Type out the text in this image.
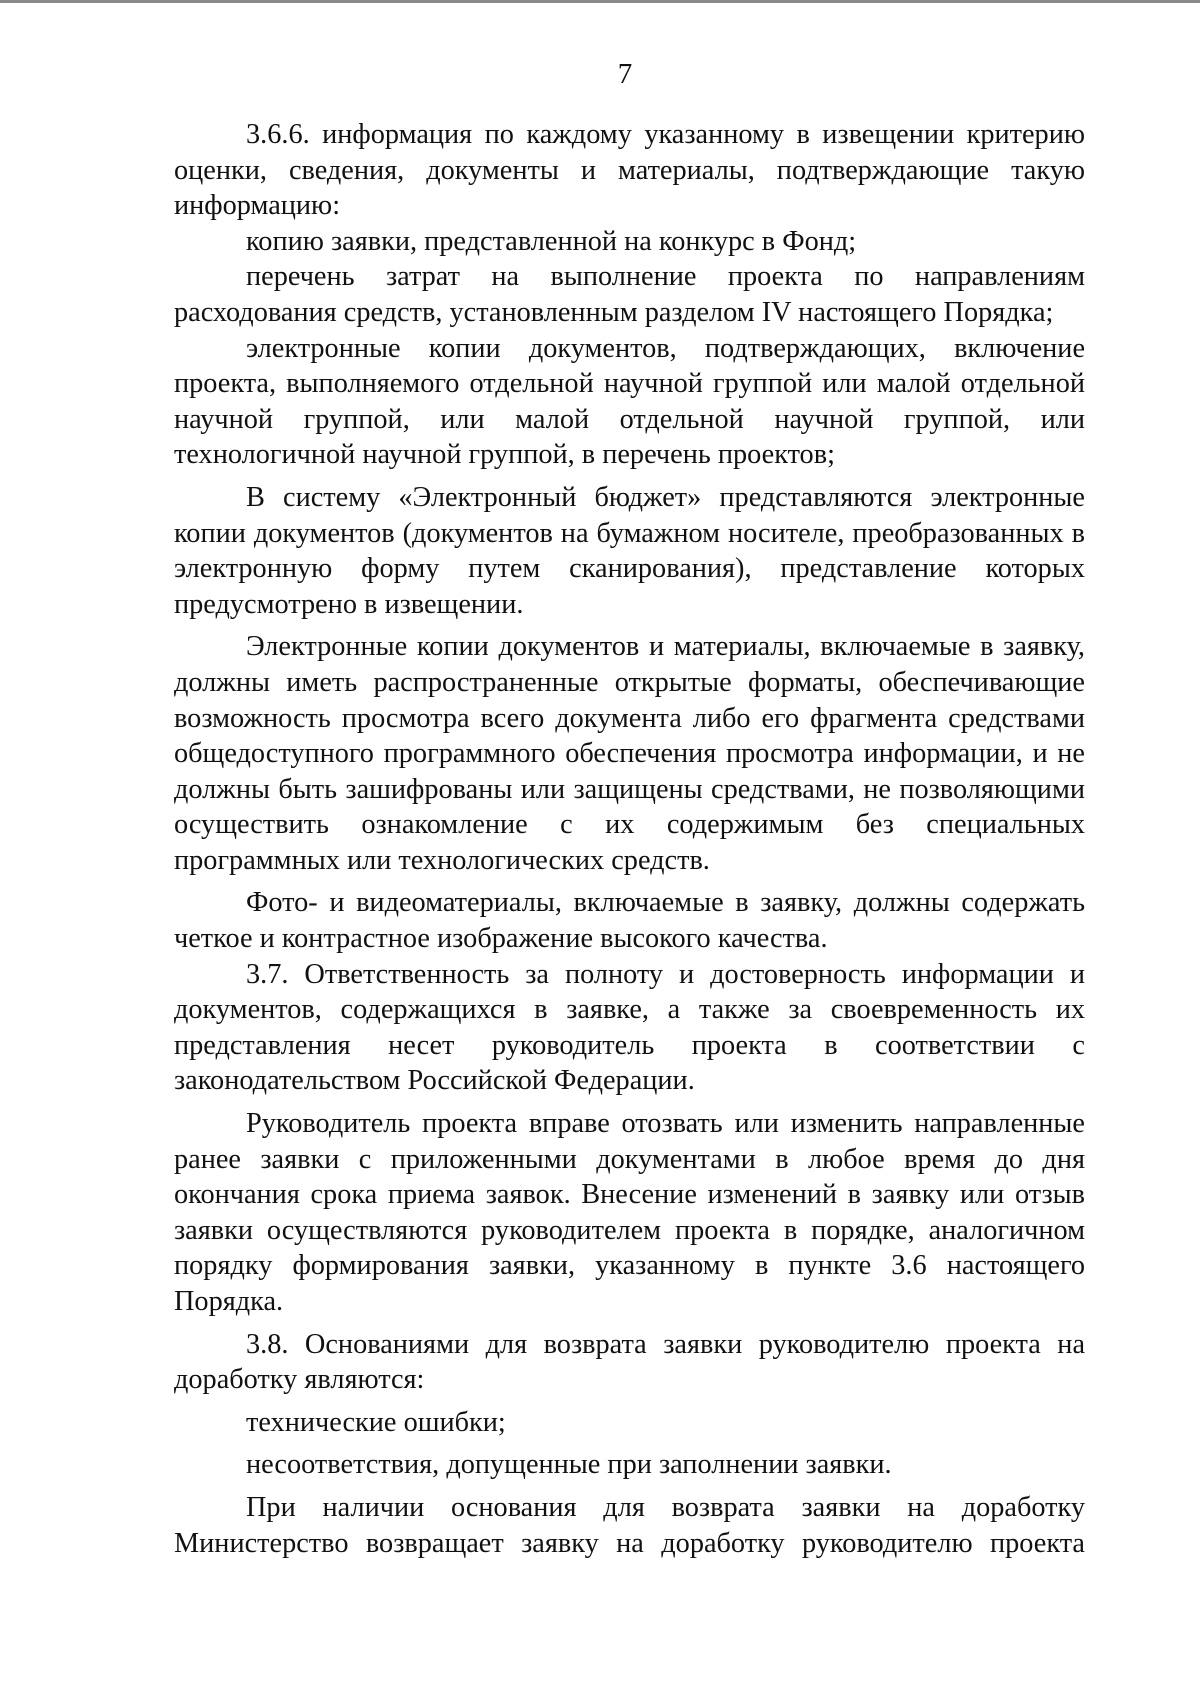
7

3.6.6. информация по каждому указанному в извещении критерию оценки, сведения, документы и материалы, подтверждающие такую информацию:

копию заявки, представленной на конкурс в Фонд;

перечень затрат на выполнение проекта по направлениям расходования средств, установленным разделом IV настоящего Порядка;

электронные копии документов, подтверждающих, включение проекта, выполняемого отдельной научной группой или малой отдельной научной группой, или малой отдельной научной группой, или технологичной научной группой, в перечень проектов;

В систему «Электронный бюджет» представляются электронные копии документов (документов на бумажном носителе, преобразованных в электронную форму путем сканирования), представление которых предусмотрено в извещении.

Электронные копии документов и материалы, включаемые в заявку, должны иметь распространенные открытые форматы, обеспечивающие возможность просмотра всего документа либо его фрагмента средствами общедоступного программного обеспечения просмотра информации, и не должны быть зашифрованы или защищены средствами, не позволяющими осуществить ознакомление с их содержимым без специальных программных или технологических средств.

Фото- и видеоматериалы, включаемые в заявку, должны содержать четкое и контрастное изображение высокого качества.

3.7. Ответственность за полноту и достоверность информации и документов, содержащихся в заявке, а также за своевременность их представления несет руководитель проекта в соответствии с законодательством Российской Федерации.

Руководитель проекта вправе отозвать или изменить направленные ранее заявки с приложенными документами в любое время до дня окончания срока приема заявок. Внесение изменений в заявку или отзыв заявки осуществляются руководителем проекта в порядке, аналогичном порядку формирования заявки, указанному в пункте 3.6 настоящего Порядка.

3.8. Основаниями для возврата заявки руководителю проекта на доработку являются:

технические ошибки;

несоответствия, допущенные при заполнении заявки.

При наличии основания для возврата заявки на доработку Министерство возвращает заявку на доработку руководителю проекта
